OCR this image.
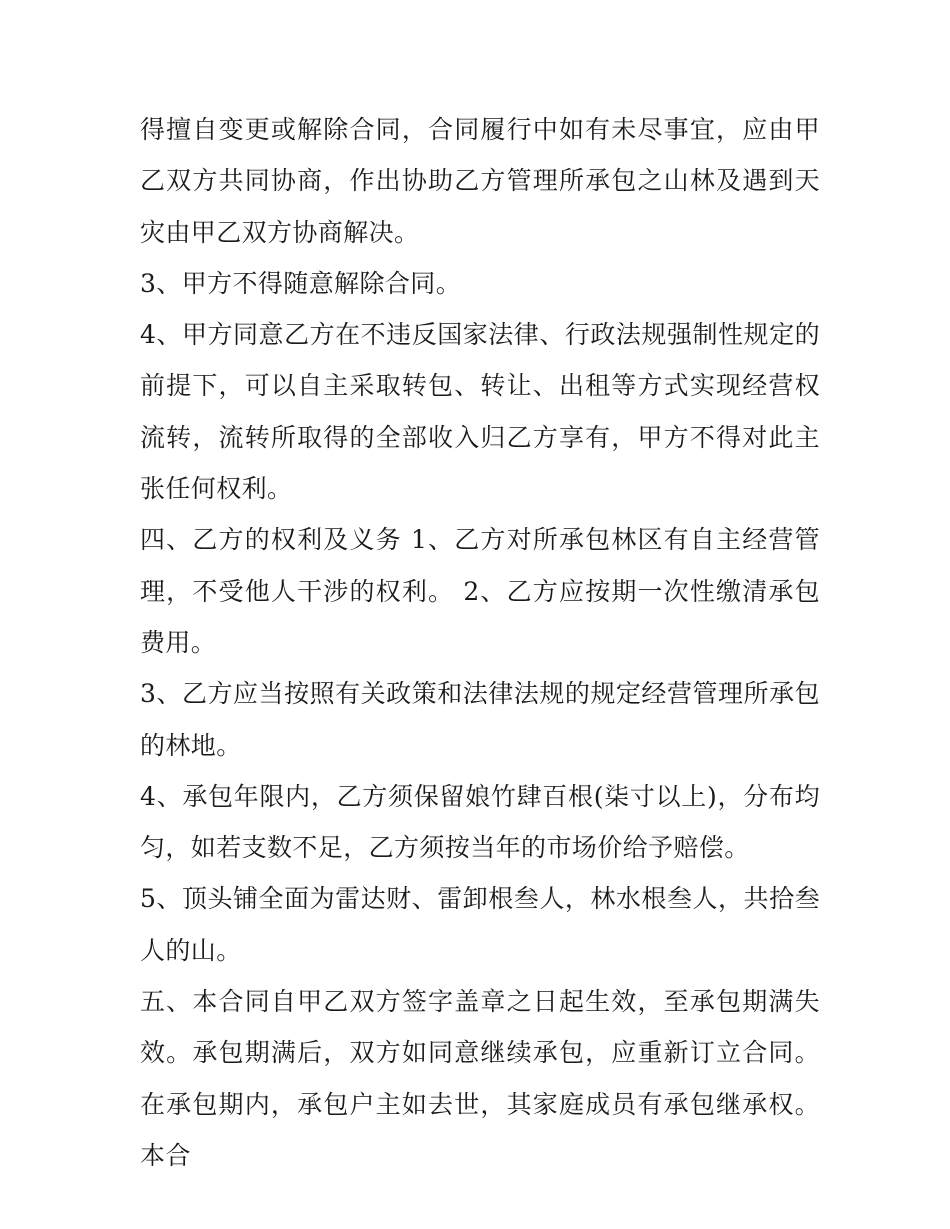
得擅自变更或解除合同，合同履行中如有未尽事宜，应由甲乙双方共同协商，作出协助乙方管理所承包之山林及遇到天灾由甲乙双方协商解决。

3、甲方不得随意解除合同。

4、甲方同意乙方在不违反国家法律、行政法规强制性规定的前提下，可以自主采取转包、转让、出租等方式实现经营权流转，流转所取得的全部收入归乙方享有，甲方不得对此主张任何权利。

四、乙方的权利及义务 1、乙方对所承包林区有自主经营管理，不受他人干涉的权利。 2、乙方应按期一次性缴清承包费用。

3、乙方应当按照有关政策和法律法规的规定经营管理所承包的林地。

4、承包年限内，乙方须保留娘竹肆百根(柒寸以上)，分布均匀，如若支数不足，乙方须按当年的市场价给予赔偿。

5、顶头铺全面为雷达财、雷卸根叁人，林水根叁人，共拾叁人的山。

五、本合同自甲乙双方签字盖章之日起生效，至承包期满失效。承包期满后，双方如同意继续承包，应重新订立合同。在承包期内，承包户主如去世，其家庭成员有承包继承权。本合
